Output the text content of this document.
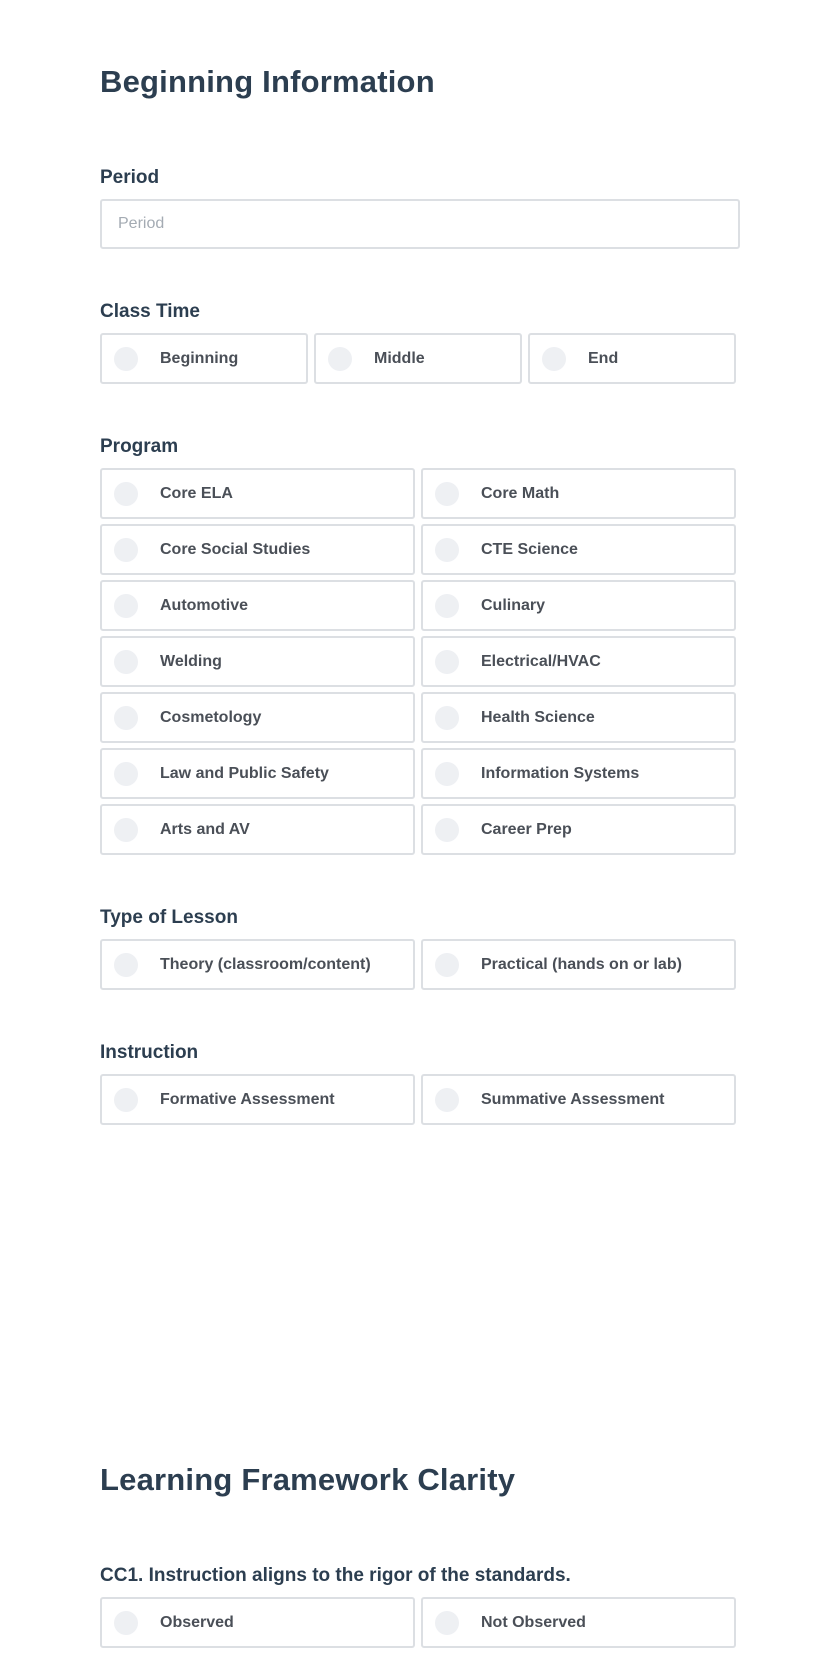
Beginning Information
Period
Period
Class Time
Beginning	Middle	End
Program
Core ELA	Core Math
Core Social Studies	CTE Science
Automotive	Culinary
Welding	Electrical/HVAC
Cosmetology	Health Science
Law and Public Safety	Information Systems
Arts and AV	Career Prep
Type of Lesson
Theory (classroom/content)	Practical (hands on or lab)
Instruction
Formative Assessment	Summative Assessment
Learning Framework Clarity
CC1. Instruction aligns to the rigor of the standards.
Observed	Not Observed
